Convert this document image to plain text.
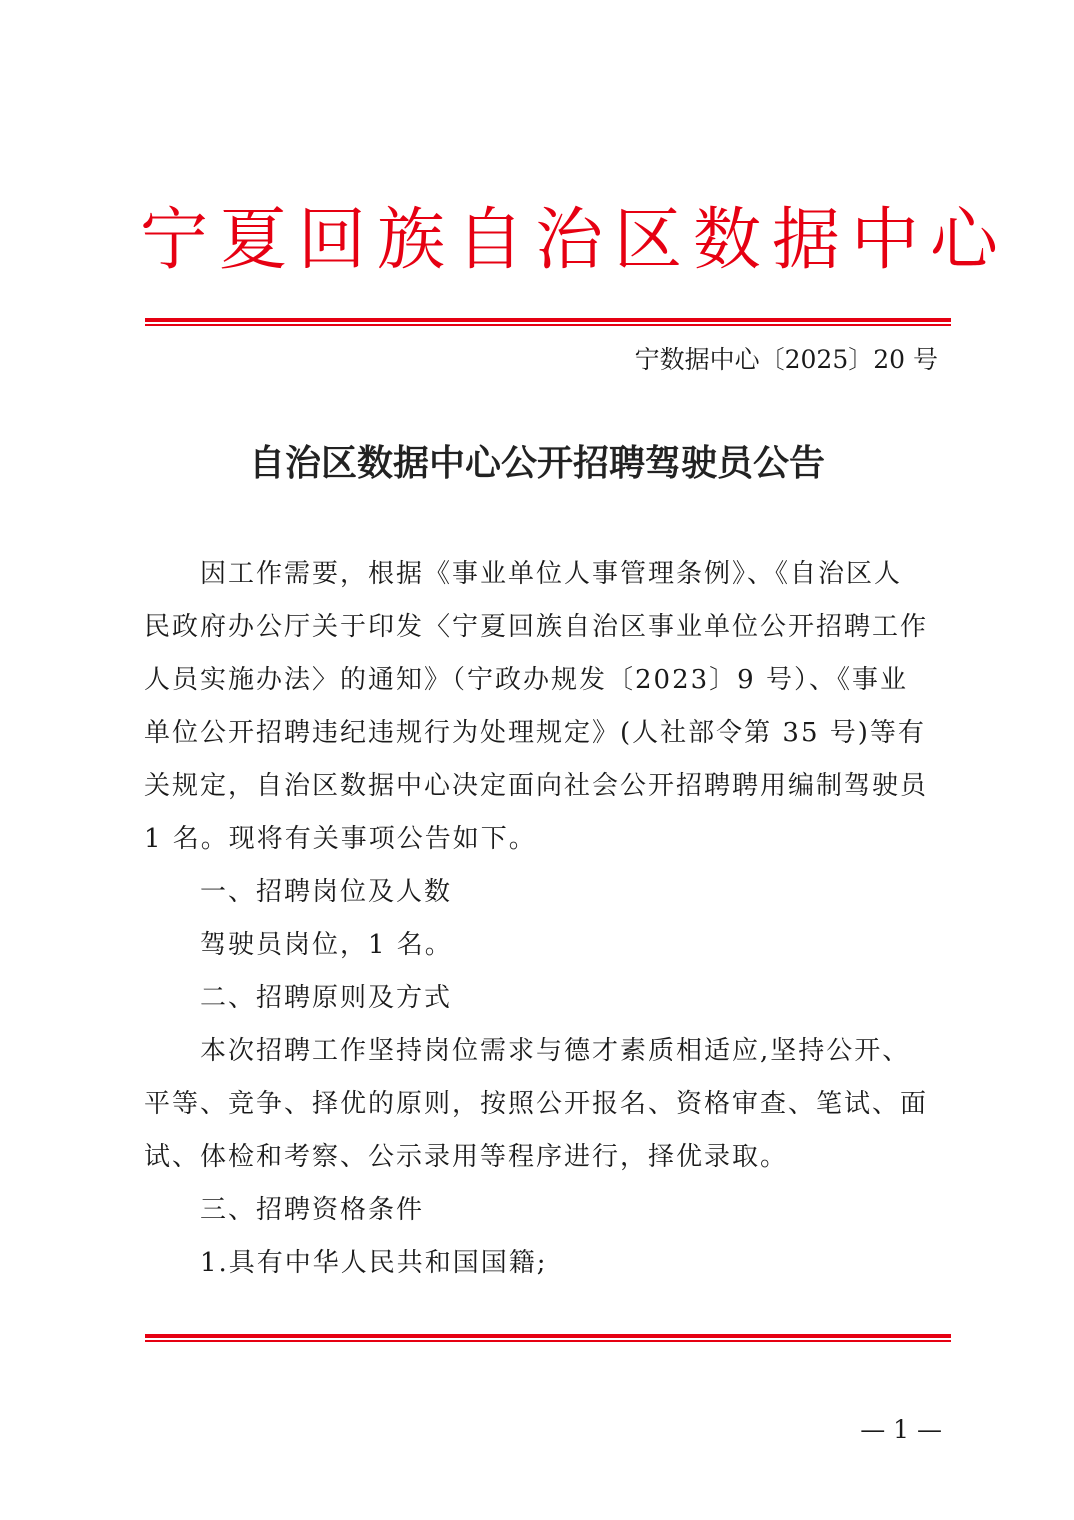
宁夏回族自治区数据中心
宁数据中心〔2025〕20 号
自治区数据中心公开招聘驾驶员公告

因工作需要，根据《事业单位人事管理条例》、《自治区人

民政府办公厅关于印发〈宁夏回族自治区事业单位公开招聘工作

人员实施办法〉的通知》（宁政办规发〔2023〕9 号）、《事业

单位公开招聘违纪违规行为处理规定》(人社部令第 35 号)等有

关规定，自治区数据中心决定面向社会公开招聘聘用编制驾驶员

1 名。现将有关事项公告如下。

一、招聘岗位及人数

驾驶员岗位，1 名。

二、招聘原则及方式

本次招聘工作坚持岗位需求与德才素质相适应,坚持公开、

平等、竞争、择优的原则，按照公开报名、资格审查、笔试、面

试、体检和考察、公示录用等程序进行，择优录取。

三、招聘资格条件

1.具有中华人民共和国国籍;

— 1 —
